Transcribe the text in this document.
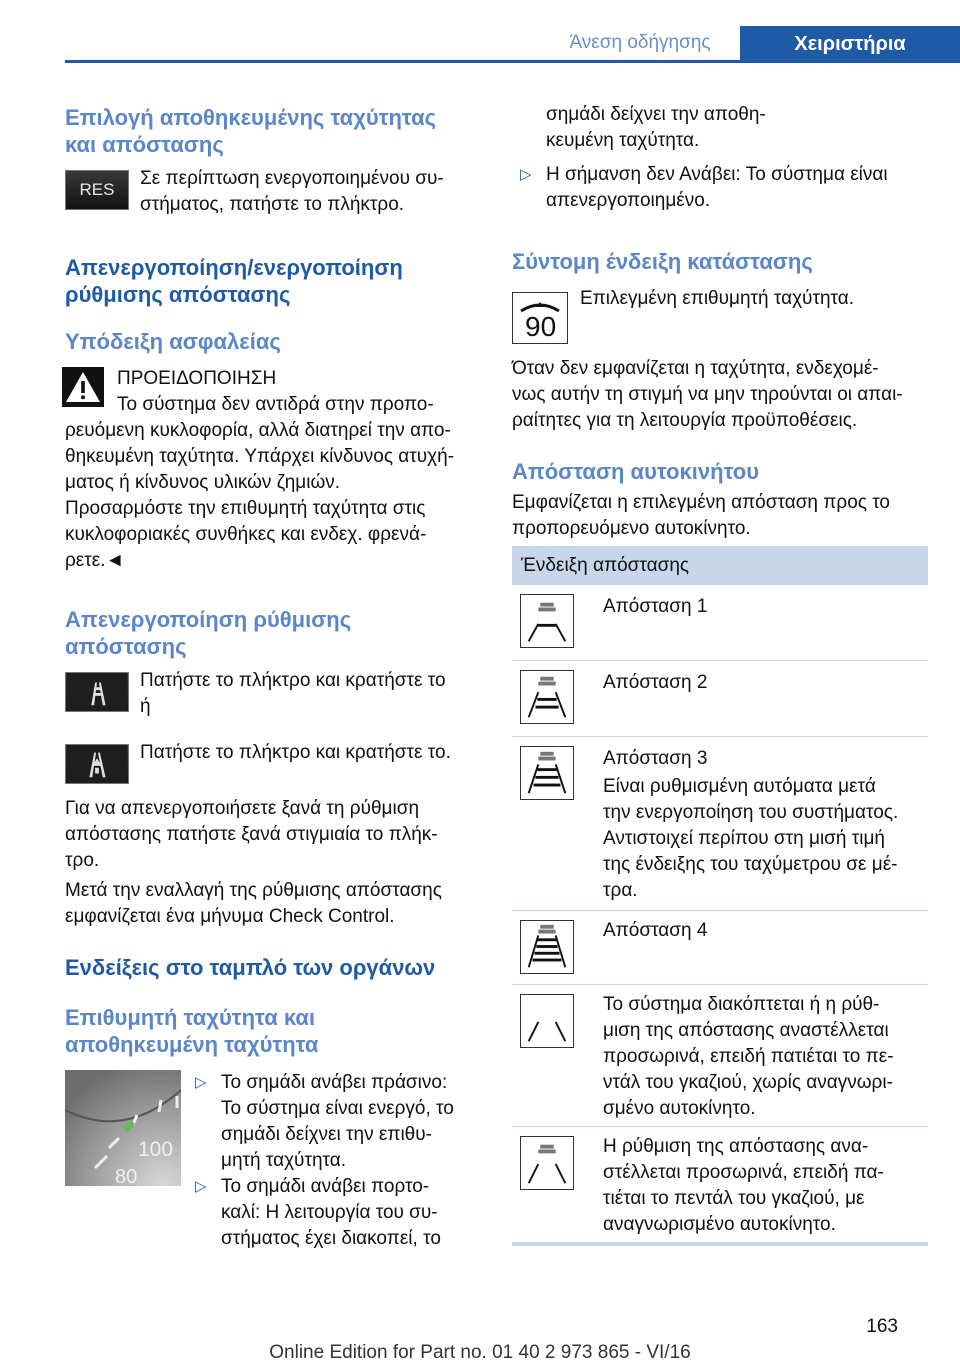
Άνεση οδήγησης	Χειριστήρια
Επιλογή αποθηκευμένης ταχύτητας
και απόστασης
RES
Σε περίπτωση ενεργοποιημένου συ-
στήματος, πατήστε το πλήκτρο.
Απενεργοποίηση/ενεργοποίηση
ρύθμισης απόστασης
Υπόδειξη ασφαλείας
ΠΡΟΕΙΔΟΠΟΙΗΣΗ
Το σύστημα δεν αντιδρά στην προπο-
ρευόμενη κυκλοφορία, αλλά διατηρεί την απο-
θηκευμένη ταχύτητα. Υπάρχει κίνδυνος ατυχή-
ματος ή κίνδυνος υλικών ζημιών.
Προσαρμόστε την επιθυμητή ταχύτητα στις
κυκλοφοριακές συνθήκες και ενδεχ. φρενά-
ρετε.◄
Απενεργοποίηση ρύθμισης
απόστασης
Πατήστε το πλήκτρο και κρατήστε το
ή
Πατήστε το πλήκτρο και κρατήστε το.
Για να απενεργοποιήσετε ξανά τη ρύθμιση
απόστασης πατήστε ξανά στιγμιαία το πλήκ-
τρο.
Μετά την εναλλαγή της ρύθμισης απόστασης
εμφανίζεται ένα μήνυμα Check Control.
Ενδείξεις στο ταμπλό των οργάνων
Επιθυμητή ταχύτητα και
αποθηκευμένη ταχύτητα
100
80
▷ Το σημάδι ανάβει πράσινο:
Το σύστημα είναι ενεργό, το
σημάδι δείχνει την επιθυ-
μητή ταχύτητα.
▷ Το σημάδι ανάβει πορτο-
καλί: Η λειτουργία του συ-
στήματος έχει διακοπεί, το
σημάδι δείχνει την αποθη-
κευμένη ταχύτητα.
▷ Η σήμανση δεν Ανάβει: Το σύστημα είναι
απενεργοποιημένο.
Σύντομη ένδειξη κατάστασης
90
Επιλεγμένη επιθυμητή ταχύτητα.
Όταν δεν εμφανίζεται η ταχύτητα, ενδεχομέ-
νως αυτήν τη στιγμή να μην τηρούνται οι απαι-
ραίτητες για τη λειτουργία προϋποθέσεις.
Απόσταση αυτοκινήτου
Εμφανίζεται η επιλεγμένη απόσταση προς το
προπορευόμενο αυτοκίνητο.
Ένδειξη απόστασης
Απόσταση 1
Απόσταση 2
Απόσταση 3
Είναι ρυθμισμένη αυτόματα μετά
την ενεργοποίηση του συστήματος.
Αντιστοιχεί περίπου στη μισή τιμή
της ένδειξης του ταχύμετρου σε μέ-
τρα.
Απόσταση 4
Το σύστημα διακόπτεται ή η ρύθ-
μιση της απόστασης αναστέλλεται
προσωρινά, επειδή πατιέται το πε-
ντάλ του γκαζιού, χωρίς αναγνωρι-
σμένο αυτοκίνητο.
Η ρύθμιση της απόστασης ανα-
στέλλεται προσωρινά, επειδή πα-
τιέται το πεντάλ του γκαζιού, με
αναγνωρισμένο αυτοκίνητο.
163
Online Edition for Part no. 01 40 2 973 865 - VI/16
